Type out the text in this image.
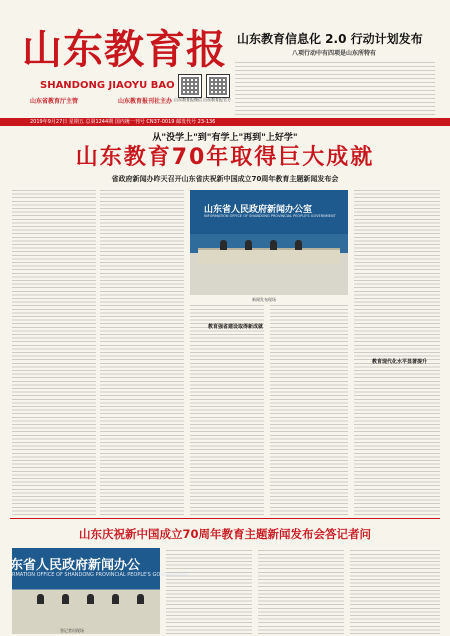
山东教育报
SHANDONG JIAOYU BAO
山东省教育厅主管	山东教育报刊社主办 山东教育报微信 山东教育报官方
山东教育信息化 2.0 行动计划发布
八项行动中有四项是山东所特有
2019年9月27日 星期五 总第1244期 国内统一刊号 CN37-0019 邮发代号 23-136
从"没学上"到"有学上"再到"上好学"
山东教育70年取得巨大成就
省政府新闻办昨天召开山东省庆祝新中国成立70周年教育主题新闻发布会
山东省人民政府新闻办公室
INFORMATION OFFICE OF SHANDONG PROVINCIAL PEOPLE'S GOVERNMENT
新闻发布现场
教育强省建设取得新成就
教育现代化水平显著提升
山东庆祝新中国成立70周年教育主题新闻发布会答记者问
东省人民政府新闻办公
RMATION OFFICE OF SHANDONG PROVINCIAL PEOPLE'S GOVERNMENT
答记者问现场
